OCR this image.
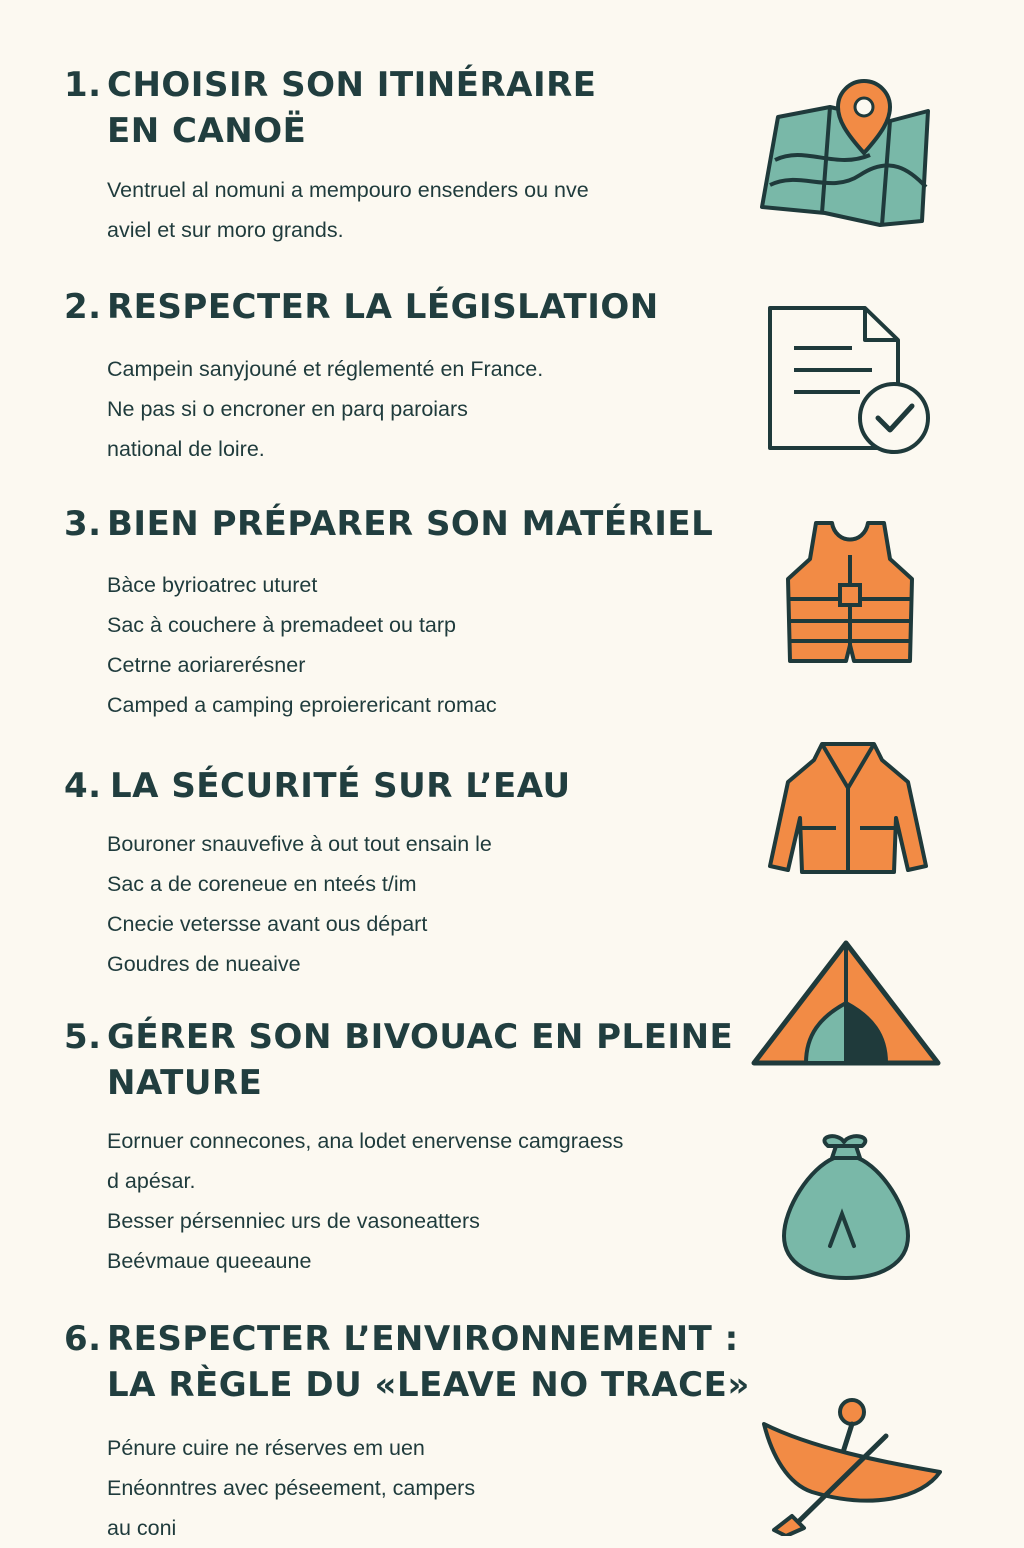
1. CHOISIR SON ITINÉRAIRE
EN CANOË
Ventruel al nomuni a mempouro ensenders ou nve
aviel et sur moro grands.
2. RESPECTER LA LÉGISLATION
Campein sanyjouné et réglementé en France.
Ne pas si o encroner en parq paroiars
national de loire.
3. BIEN PRÉPARER SON MATÉRIEL
Bàce byrioatrec uturet
Sac à couchere à premadeet ou tarp
Cetrne aoriarerésner
Camped a camping eproierericant romac
4. LA SÉCURITÉ SUR L’EAU
Bouroner snauvefive à out tout ensain le
Sac a de coreneue en nteés t/im
Cnecie vetersse avant ous départ
Goudres de nueaive
5. GÉRER SON BIVOUAC EN PLEINE
NATURE
Eornuer connecones, ana lodet enervense camgraess
d apésar.
Besser pérsenniec urs de vasoneatters
Beévmaue queeaune
6. RESPECTER L’ENVIRONNEMENT :
LA RÈGLE DU «LEAVE NO TRACE»
Pénure cuire ne réserves em uen
Enéonntres avec péseement, campers
au coni
